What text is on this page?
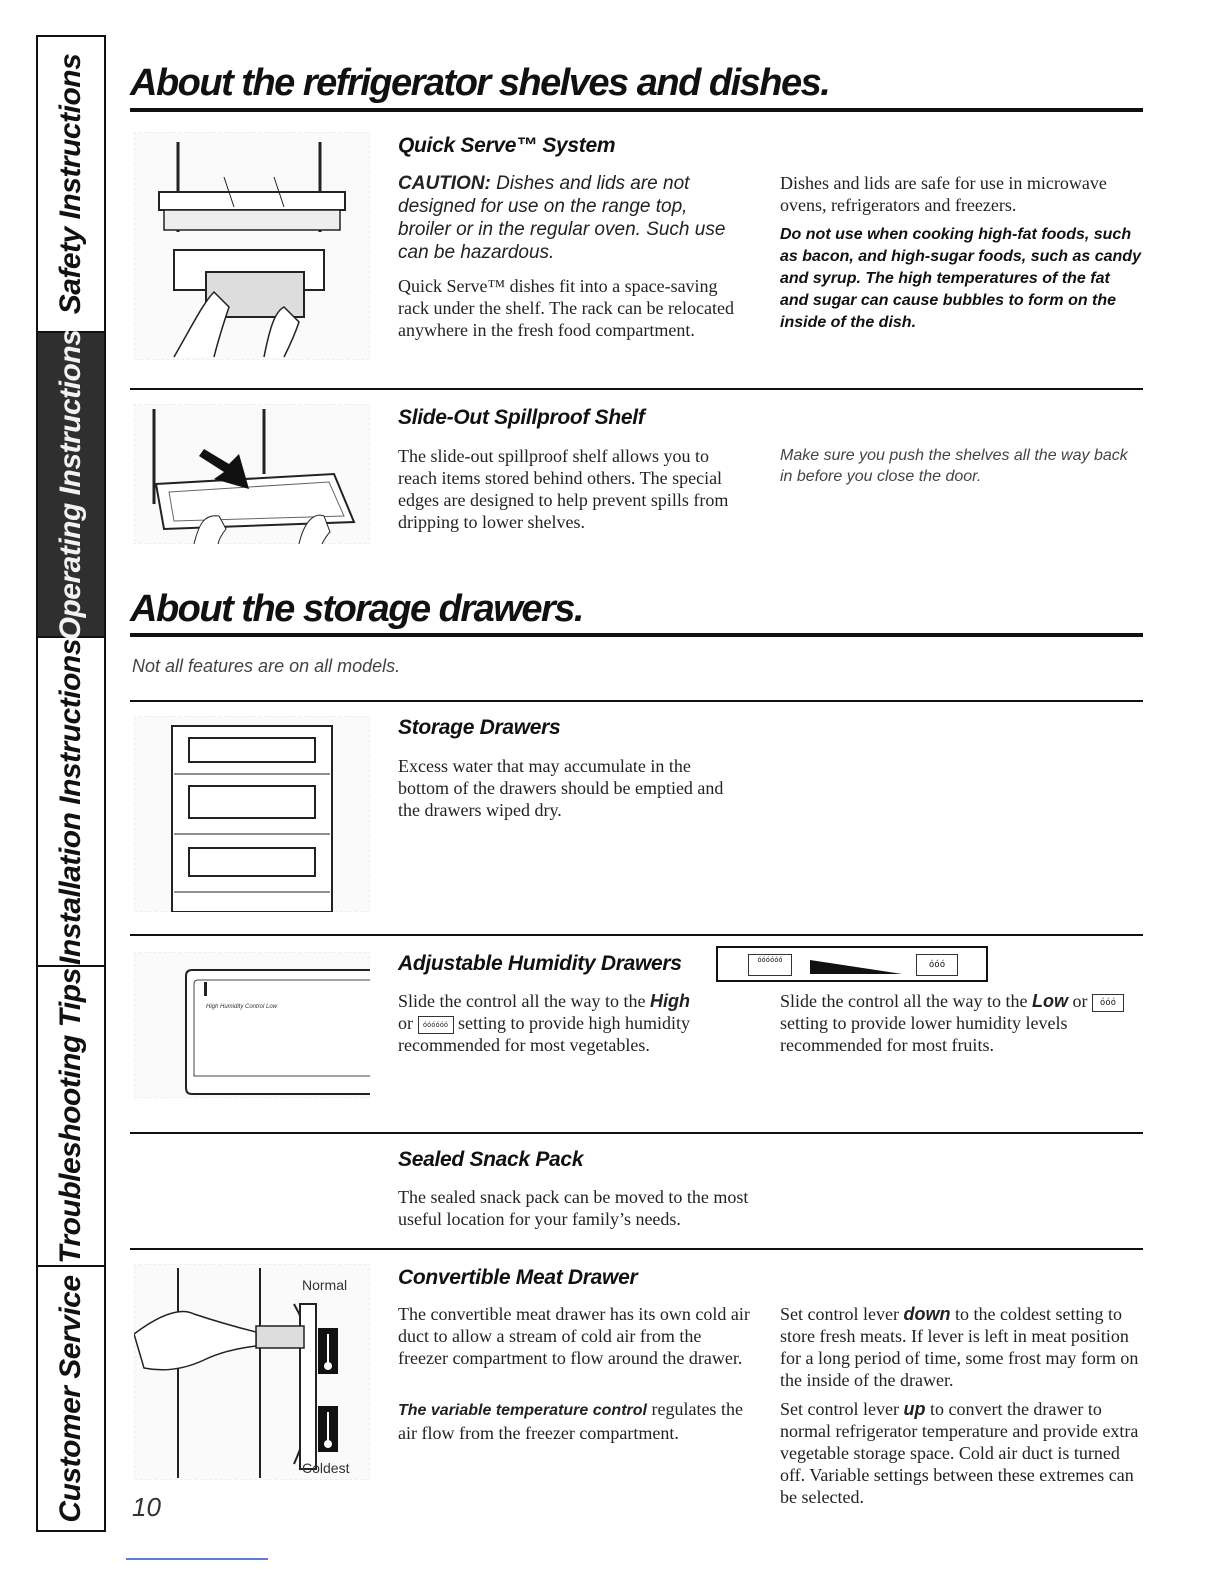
Safety Instructions
Operating Instructions
Installation Instructions
Troubleshooting Tips
Customer Service
About the refrigerator shelves and dishes.
Quick Serve™ System
CAUTION: Dishes and lids are not designed for use on the range top, broiler or in the regular oven. Such use can be hazardous.
Quick Serve™ dishes fit into a space-saving rack under the shelf. The rack can be relocated anywhere in the fresh food compartment.
Dishes and lids are safe for use in microwave ovens, refrigerators and freezers.
Do not use when cooking high-fat foods, such as bacon, and high-sugar foods, such as candy and syrup. The high temperatures of the fat and sugar can cause bubbles to form on the inside of the dish.
Slide-Out Spillproof Shelf
The slide-out spillproof shelf allows you to reach items stored behind others. The special edges are designed to help prevent spills from dripping to lower shelves.
Make sure you push the shelves all the way back in before you close the door.
About the storage drawers.
Not all features are on all models.
Storage Drawers
Excess water that may accumulate in the bottom of the drawers should be emptied and the drawers wiped dry.
High Humidity Control Low
Adjustable Humidity Drawers	óóóóóó	óóó
Slide the control all the way to the High or óóóóóó setting to provide high humidity recommended for most vegetables.
Slide the control all the way to the Low or óóó setting to provide lower humidity levels recommended for most fruits.
Sealed Snack Pack
The sealed snack pack can be moved to the most useful location for your family’s needs.
Normal
Coldest
Convertible Meat Drawer
The convertible meat drawer has its own cold air duct to allow a stream of cold air from the freezer compartment to flow around the drawer.
The variable temperature control regulates the air flow from the freezer compartment.
Set control lever down to the coldest setting to store fresh meats. If lever is left in meat position for a long period of time, some frost may form on the inside of the drawer.
Set control lever up to convert the drawer to normal refrigerator temperature and provide extra vegetable storage space. Cold air duct is turned off. Variable settings between these extremes can be selected.
10
